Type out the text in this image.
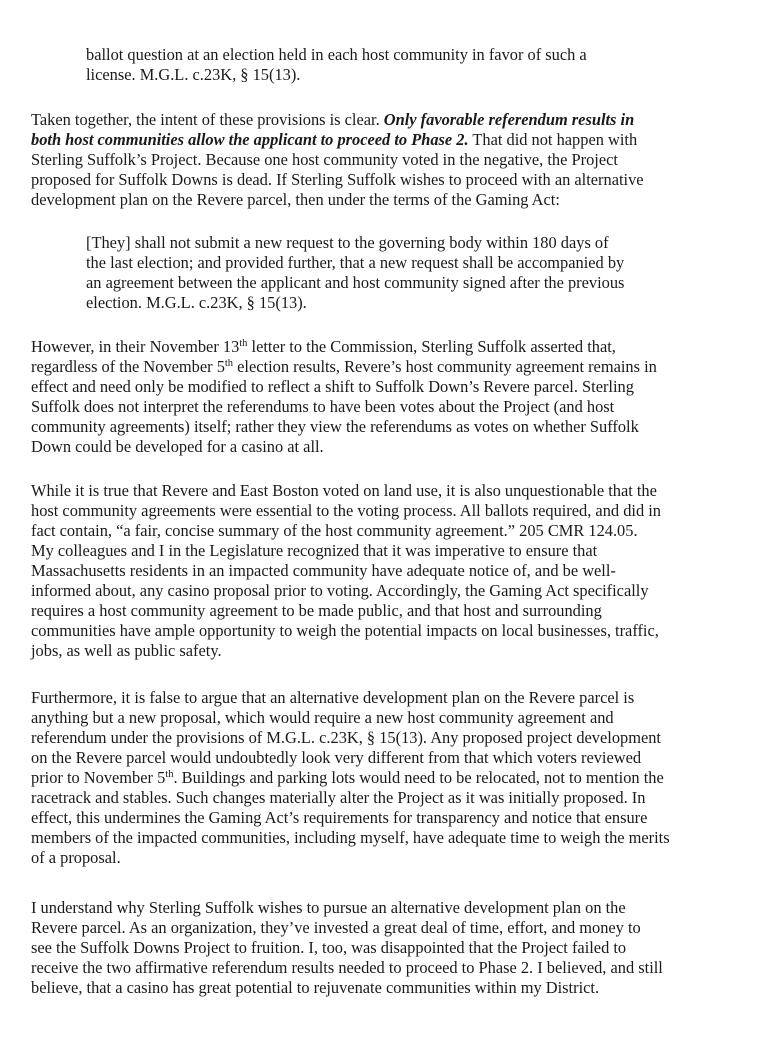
ballot question at an election held in each host community in favor of such a
license. M.G.L. c.23K, § 15(13).
Taken together, the intent of these provisions is clear. Only favorable referendum results in
both host communities allow the applicant to proceed to Phase 2. That did not happen with
Sterling Suffolk’s Project. Because one host community voted in the negative, the Project
proposed for Suffolk Downs is dead. If Sterling Suffolk wishes to proceed with an alternative
development plan on the Revere parcel, then under the terms of the Gaming Act:
[They] shall not submit a new request to the governing body within 180 days of
the last election; and provided further, that a new request shall be accompanied by
an agreement between the applicant and host community signed after the previous
election. M.G.L. c.23K, § 15(13).
However, in their November 13th letter to the Commission, Sterling Suffolk asserted that,
regardless of the November 5th election results, Revere’s host community agreement remains in
effect and need only be modified to reflect a shift to Suffolk Down’s Revere parcel. Sterling
Suffolk does not interpret the referendums to have been votes about the Project (and host
community agreements) itself; rather they view the referendums as votes on whether Suffolk
Down could be developed for a casino at all.
While it is true that Revere and East Boston voted on land use, it is also unquestionable that the
host community agreements were essential to the voting process. All ballots required, and did in
fact contain, “a fair, concise summary of the host community agreement.” 205 CMR 124.05.
My colleagues and I in the Legislature recognized that it was imperative to ensure that
Massachusetts residents in an impacted community have adequate notice of, and be well-
informed about, any casino proposal prior to voting. Accordingly, the Gaming Act specifically
requires a host community agreement to be made public, and that host and surrounding
communities have ample opportunity to weigh the potential impacts on local businesses, traffic,
jobs, as well as public safety.
Furthermore, it is false to argue that an alternative development plan on the Revere parcel is
anything but a new proposal, which would require a new host community agreement and
referendum under the provisions of M.G.L. c.23K, § 15(13). Any proposed project development
on the Revere parcel would undoubtedly look very different from that which voters reviewed
prior to November 5th. Buildings and parking lots would need to be relocated, not to mention the
racetrack and stables. Such changes materially alter the Project as it was initially proposed. In
effect, this undermines the Gaming Act’s requirements for transparency and notice that ensure
members of the impacted communities, including myself, have adequate time to weigh the merits
of a proposal.
I understand why Sterling Suffolk wishes to pursue an alternative development plan on the
Revere parcel. As an organization, they’ve invested a great deal of time, effort, and money to
see the Suffolk Downs Project to fruition. I, too, was disappointed that the Project failed to
receive the two affirmative referendum results needed to proceed to Phase 2. I believed, and still
believe, that a casino has great potential to rejuvenate communities within my District.
